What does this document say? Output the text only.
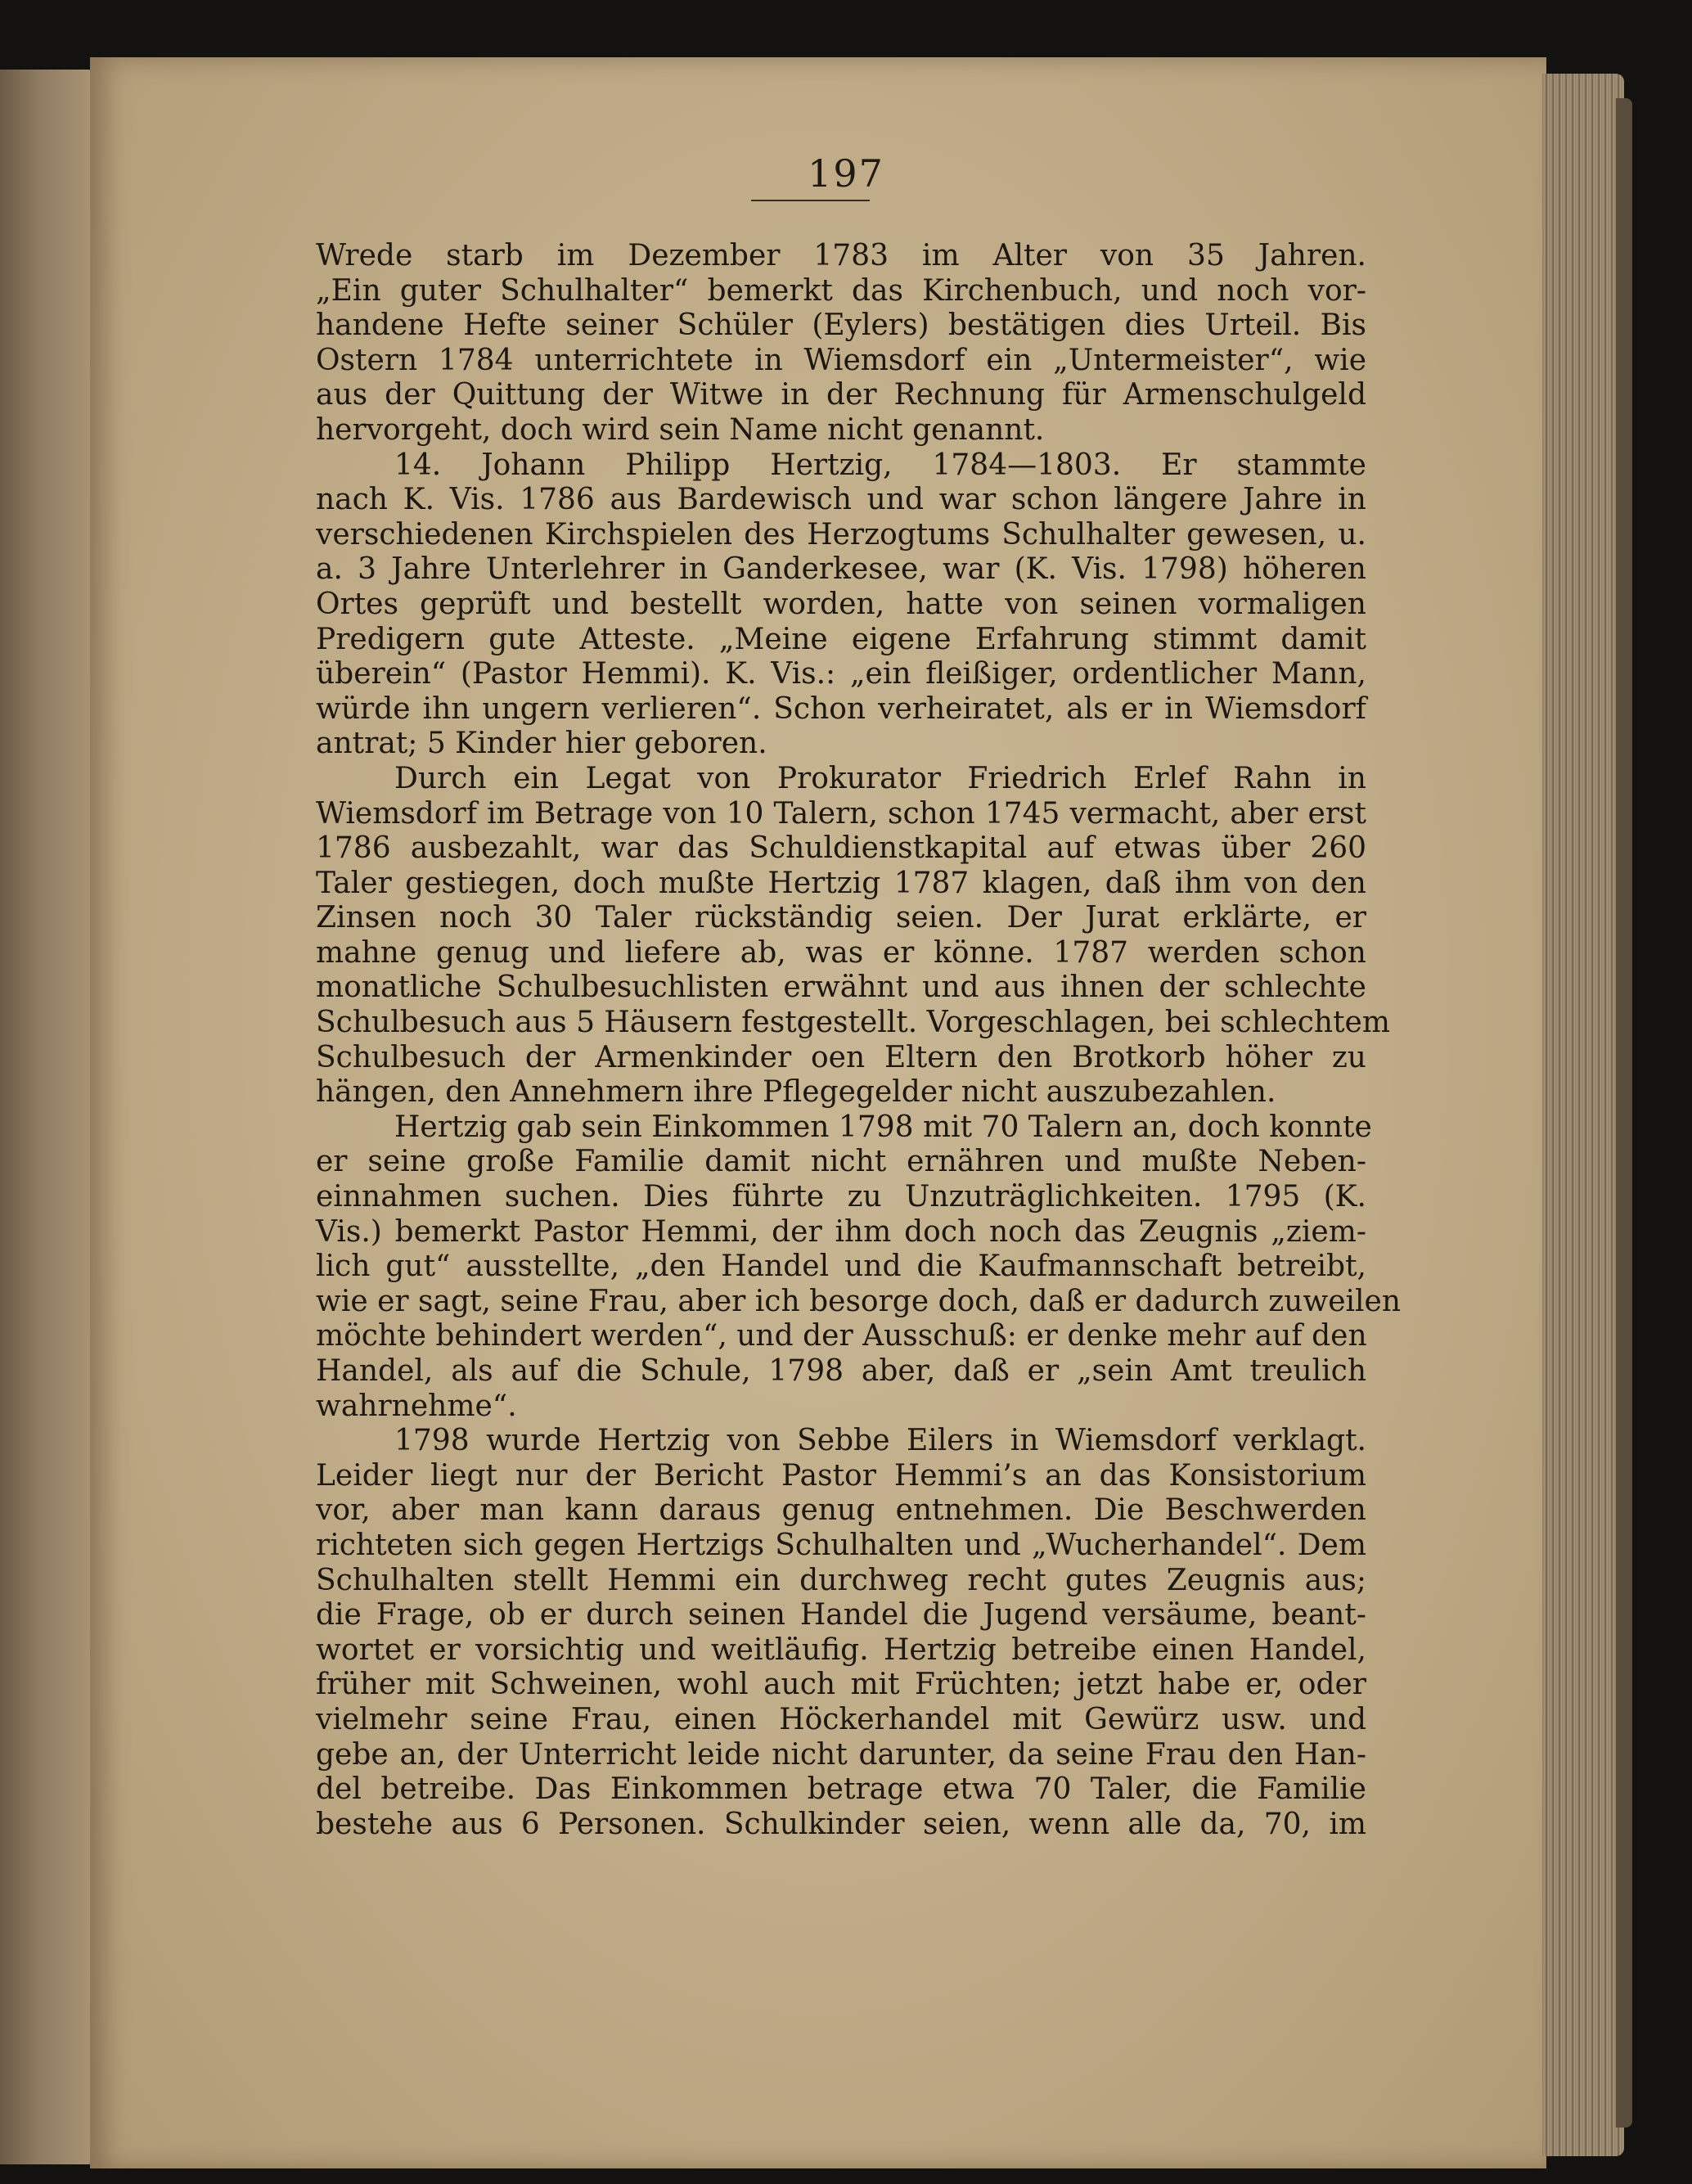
197
Wrede starb im Dezember 1783 im Alter von 35 Jahren.
„Ein guter Schulhalter“ bemerkt das Kirchenbuch, und noch vor-
handene Hefte seiner Schüler (Eylers) bestätigen dies Urteil. Bis
Ostern 1784 unterrichtete in Wiemsdorf ein „Untermeister“, wie
aus der Quittung der Witwe in der Rechnung für Armenschulgeld
hervorgeht, doch wird sein Name nicht genannt.
14. Johann Philipp Hertzig, 1784—1803. Er stammte
nach K. Vis. 1786 aus Bardewisch und war schon längere Jahre in
verschiedenen Kirchspielen des Herzogtums Schulhalter gewesen, u.
a. 3 Jahre Unterlehrer in Ganderkesee, war (K. Vis. 1798) höheren
Ortes geprüft und bestellt worden, hatte von seinen vormaligen
Predigern gute Atteste. „Meine eigene Erfahrung stimmt damit
überein“ (Pastor Hemmi). K. Vis.: „ein fleißiger, ordentlicher Mann,
würde ihn ungern verlieren“. Schon verheiratet, als er in Wiemsdorf
antrat; 5 Kinder hier geboren.
Durch ein Legat von Prokurator Friedrich Erlef Rahn in
Wiemsdorf im Betrage von 10 Talern, schon 1745 vermacht, aber erst
1786 ausbezahlt, war das Schuldienstkapital auf etwas über 260
Taler gestiegen, doch mußte Hertzig 1787 klagen, daß ihm von den
Zinsen noch 30 Taler rückständig seien. Der Jurat erklärte, er
mahne genug und liefere ab, was er könne. 1787 werden schon
monatliche Schulbesuchlisten erwähnt und aus ihnen der schlechte
Schulbesuch aus 5 Häusern festgestellt. Vorgeschlagen, bei schlechtem
Schulbesuch der Armenkinder oen Eltern den Brotkorb höher zu
hängen, den Annehmern ihre Pflegegelder nicht auszubezahlen.
Hertzig gab sein Einkommen 1798 mit 70 Talern an, doch konnte
er seine große Familie damit nicht ernähren und mußte Neben-
einnahmen suchen. Dies führte zu Unzuträglichkeiten. 1795 (K.
Vis.) bemerkt Pastor Hemmi, der ihm doch noch das Zeugnis „ziem-
lich gut“ ausstellte, „den Handel und die Kaufmannschaft betreibt,
wie er sagt, seine Frau, aber ich besorge doch, daß er dadurch zuweilen
möchte behindert werden“, und der Ausschuß: er denke mehr auf den
Handel, als auf die Schule, 1798 aber, daß er „sein Amt treulich
wahrnehme“.
1798 wurde Hertzig von Sebbe Eilers in Wiemsdorf verklagt.
Leider liegt nur der Bericht Pastor Hemmi’s an das Konsistorium
vor, aber man kann daraus genug entnehmen. Die Beschwerden
richteten sich gegen Hertzigs Schulhalten und „Wucherhandel“. Dem
Schulhalten stellt Hemmi ein durchweg recht gutes Zeugnis aus;
die Frage, ob er durch seinen Handel die Jugend versäume, beant-
wortet er vorsichtig und weitläufig. Hertzig betreibe einen Handel,
früher mit Schweinen, wohl auch mit Früchten; jetzt habe er, oder
vielmehr seine Frau, einen Höckerhandel mit Gewürz usw. und
gebe an, der Unterricht leide nicht darunter, da seine Frau den Han-
del betreibe. Das Einkommen betrage etwa 70 Taler, die Familie
bestehe aus 6 Personen. Schulkinder seien, wenn alle da, 70, im
